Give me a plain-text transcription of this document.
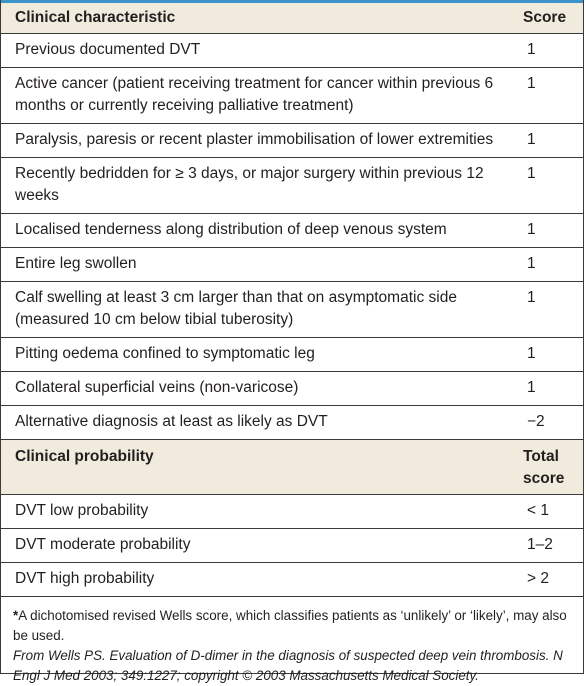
Clinical characteristic	Score
Previous documented DVT	1
Active cancer (patient receiving treatment for cancer within previous 6 months or currently receiving palliative treatment)	1
Paralysis, paresis or recent plaster immobilisation of lower extremities	1
Recently bedridden for ≥ 3 days, or major surgery within previous 12 weeks	1
Localised tenderness along distribution of deep venous system	1
Entire leg swollen	1
Calf swelling at least 3 cm larger than that on asymptomatic side (measured 10 cm below tibial tuberosity)	1
Pitting oedema confined to symptomatic leg	1
Collateral superficial veins (non-varicose)	1
Alternative diagnosis at least as likely as DVT	−2
Clinical probability	Total score
DVT low probability	< 1
DVT moderate probability	1–2
DVT high probability	> 2
*A dichotomised revised Wells score, which classifies patients as ‘unlikely’ or ‘likely’, may also be used.
From Wells PS. Evaluation of D-dimer in the diagnosis of suspected deep vein thrombosis. N Engl J Med 2003; 349:1227; copyright © 2003 Massachusetts Medical Society.
